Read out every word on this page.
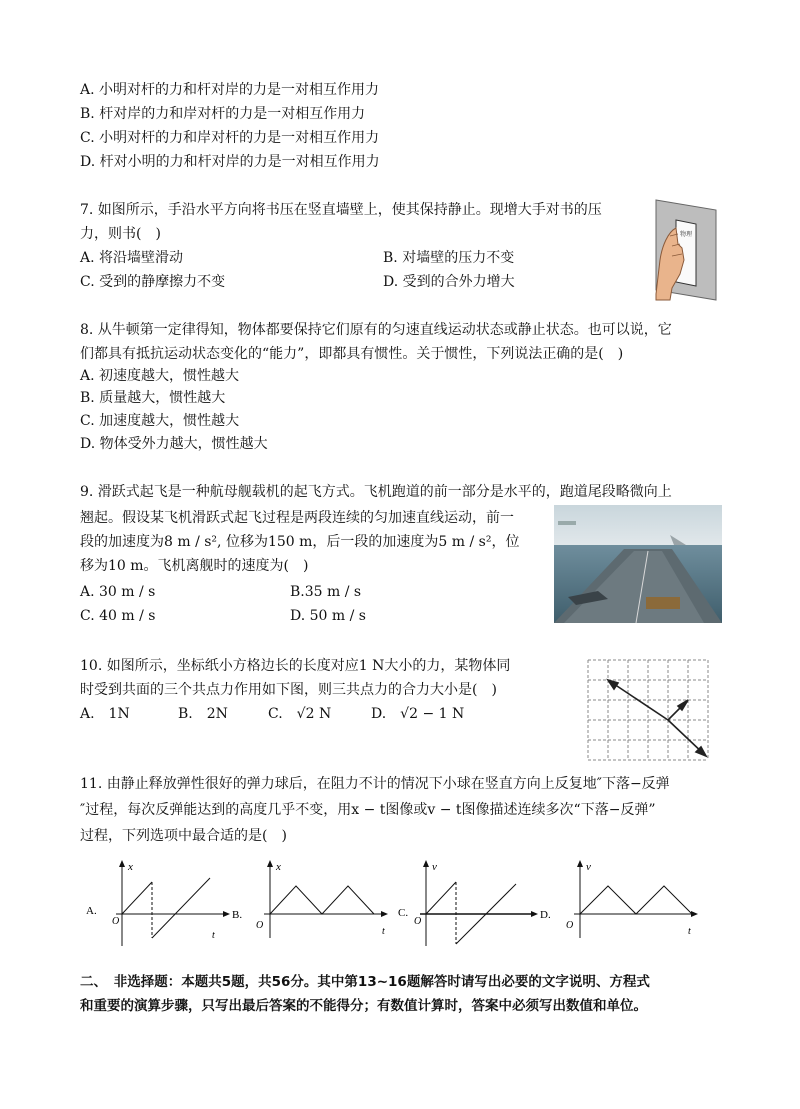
A. 小明对杆的力和杆对岸的力是一对相互作用力
B. 杆对岸的力和岸对杆的力是一对相互作用力
C. 小明对杆的力和岸对杆的力是一对相互作用力
D. 杆对小明的力和杆对岸的力是一对相互作用力
7. 如图所示，手沿水平方向将书压在竖直墙壁上，使其保持静止。现增大手对书的压
力，则书(　)
A. 将沿墙壁滑动	B. 对墙壁的压力不变
C. 受到的静摩擦力不变	D. 受到的合外力增大
物理
8. 从牛顿第一定律得知，物体都要保持它们原有的匀速直线运动状态或静止状态。也可以说，它
们都具有抵抗运动状态变化的“能力”，即都具有惯性。关于惯性，下列说法正确的是(　)
A. 初速度越大，惯性越大
B. 质量越大，惯性越大
C. 加速度越大，惯性越大
D. 物体受外力越大，惯性越大
9. 滑跃式起飞是一种航母舰载机的起飞方式。飞机跑道的前一部分是水平的，跑道尾段略微向上
翘起。假设某飞机滑跃式起飞过程是两段连续的匀加速直线运动，前一
段的加速度为8 m / s², 位移为150 m，后一段的加速度为5 m / s²，位
移为10 m。飞机离舰时的速度为(　)
A. 30 m / s	B.35 m / s
C. 40 m / s	D. 50 m / s
10. 如图所示，坐标纸小方格边长的长度对应1 N大小的力，某物体同
时受到共面的三个共点力作用如下图，则三共点力的合力大小是(　)
A.　1N	B.　2N	C.　√2 N	D.　√2 − 1 N
11. 由静止释放弹性很好的弹力球后，在阻力不计的情况下小球在竖直方向上反复地″下落−反弹
″过程，每次反弹能达到的高度几乎不变，用x − t图像或v − t图像描述连续多次“下落−反弹”
过程，下列选项中最合适的是(　)
A.
x
B.
O
t
x
t
O
C.
v
D.
O
v
t
O
二、　非选择题：本题共5题，共56分。其中第13∼16题解答时请写出必要的文字说明、方程式
和重要的演算步骤，只写出最后答案的不能得分；有数值计算时，答案中必须写出数值和单位。
